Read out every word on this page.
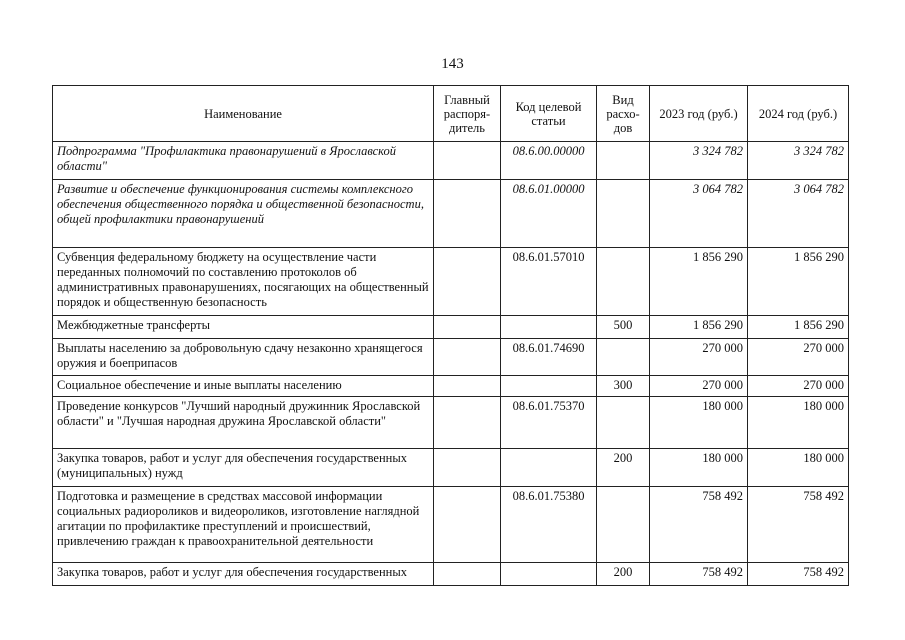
143
Наименование	Главный распоря-дитель	Код целевой статьи	Вид расхо-дов	2023 год (руб.)	2024 год (руб.)
Подпрограмма "Профилактика правонарушений в Ярославской области"		08.6.00.00000		3 324 782	3 324 782
Развитие и обеспечение функционирования системы комплексного обеспечения общественного порядка и общественной безопасности, общей профилактики правонарушений		08.6.01.00000		3 064 782	3 064 782
Субвенция федеральному бюджету на осуществление части переданных полномочий по составлению протоколов об административных правонарушениях, посягающих на общественный порядок и общественную безопасность		08.6.01.57010		1 856 290	1 856 290
Межбюджетные трансферты			500	1 856 290	1 856 290
Выплаты населению за добровольную сдачу незаконно хранящегося оружия и боеприпасов		08.6.01.74690		270 000	270 000
Социальное обеспечение и иные выплаты населению			300	270 000	270 000
Проведение конкурсов "Лучший народный дружинник Ярославской области" и "Лучшая народная дружина Ярославской области"		08.6.01.75370		180 000	180 000
Закупка товаров, работ и услуг для обеспечения государственных (муниципальных) нужд			200	180 000	180 000
Подготовка и размещение в средствах массовой информации социальных радиороликов и видеороликов, изготовление наглядной агитации по профилактике преступлений и происшествий, привлечению граждан к правоохранительной деятельности		08.6.01.75380		758 492	758 492
Закупка товаров, работ и услуг для обеспечения государственных			200	758 492	758 492
